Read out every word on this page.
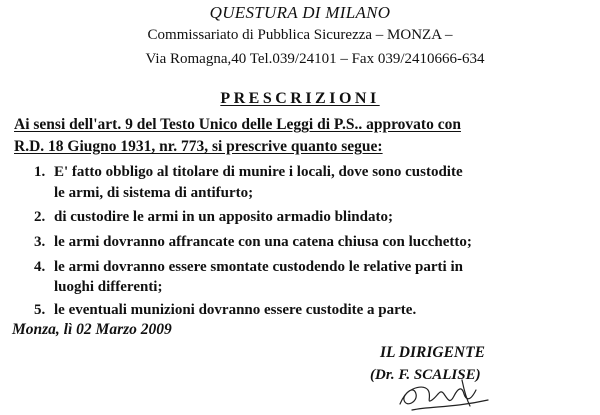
QUESTURA DI MILANO
Commissariato di Pubblica Sicurezza – MONZA –
Via Romagna,40 Tel.039/24101 – Fax 039/2410666-634
PRESCRIZIONI
Ai sensi dell'art. 9 del Testo Unico delle Leggi di P.S.. approvato con
R.D. 18 Giugno 1931, nr. 773, si prescrive quanto segue:
1. E' fatto obbligo al titolare di munire i locali, dove sono custodite
le armi, di sistema di antifurto;
2. di custodire le armi in un apposito armadio blindato;
3. le armi dovranno affrancate con una catena chiusa con lucchetto;
4. le armi dovranno essere smontate custodendo le relative parti in
luoghi differenti;
5. le eventuali munizioni dovranno essere custodite a parte.
Monza, lì 02 Marzo 2009
IL DIRIGENTE
(Dr. F. SCALISE)
